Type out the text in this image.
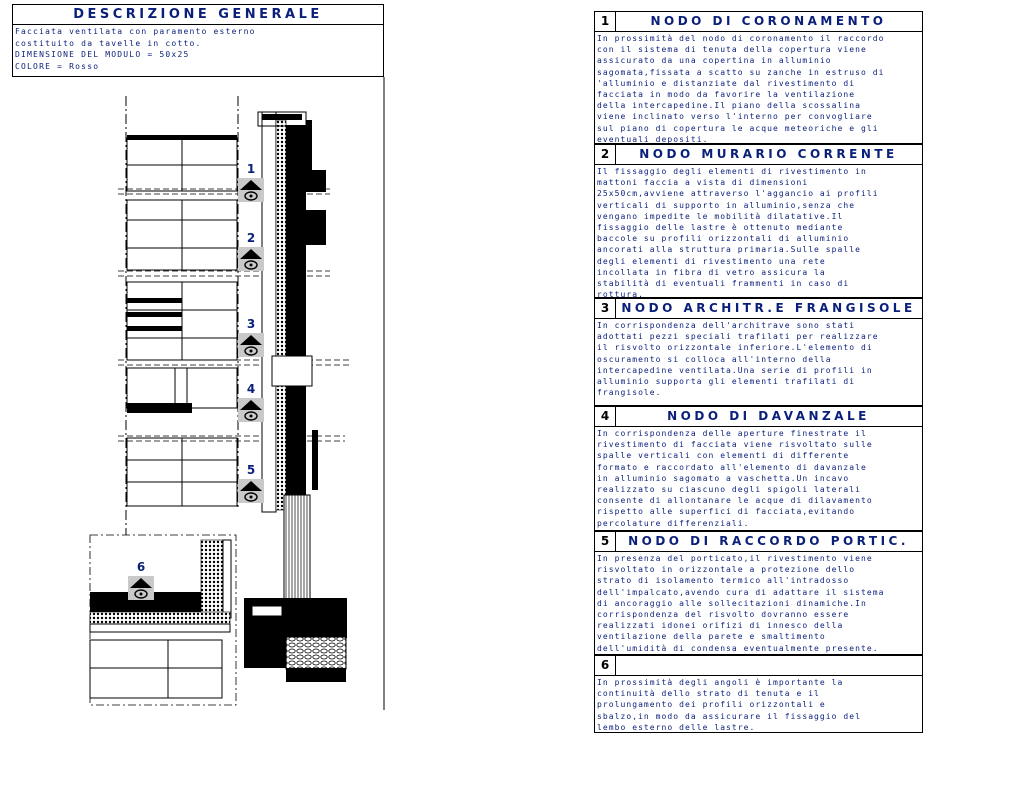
DESCRIZIONE GENERALE
Facciata ventilata con paramento esterno
costituito da tavelle in cotto.
DIMENSIONE DEL MODULO = 50x25
COLORE = Rosso
1
2
3
4
5
6
1	NODO DI CORONAMENTO
In prossimità del nodo di coronamento il raccordo
con il sistema di tenuta della copertura viene
assicurato da una copertina in alluminio
sagomata,fissata a scatto su zanche in estruso di
'alluminio e distanziate dal rivestimento di
facciata in modo da favorire la ventilazione
della intercapedine.Il piano della scossalina
viene inclinato verso l'interno per convogliare
sul piano di copertura le acque meteoriche e gli
eventuali depositi.
2	NODO MURARIO CORRENTE
Il fissaggio degli elementi di rivestimento in
mattoni faccia a vista di dimensioni
25x50cm,avviene attraverso l'aggancio ai profili
verticali di supporto in alluminio,senza che
vengano impedite le mobilità dilatative.Il
fissaggio delle lastre è ottenuto mediante
baccole su profili orizzontali di alluminio
ancorati alla struttura primaria.Sulle spalle
degli elementi di rivestimento una rete
incollata in fibra di vetro assicura la
stabilità di eventuali frammenti in caso di
rottura.
3	NODO ARCHITR.E FRANGISOLE
In corrispondenza dell'architrave sono stati
adottati pezzi speciali trafilati per realizzare
il risvolto orizzontale inferiore.L'elemento di
oscuramento si colloca all'interno della
intercapedine ventilata.Una serie di profili in
alluminio supporta gli elementi trafilati di
frangisole.
4	NODO DI DAVANZALE
In corrispondenza delle aperture finestrate il
rivestimento di facciata viene risvoltato sulle
spalle verticali con elementi di differente
formato e raccordato all'elemento di davanzale
in alluminio sagomato a vaschetta.Un incavo
realizzato su ciascuno degli spigoli laterali
consente di allontanare le acque di dilavamento
rispetto alle superfici di facciata,evitando
percolature differenziali.
5	NODO DI RACCORDO PORTIC.
In presenza del porticato,il rivestimento viene
risvoltato in orizzontale a protezione dello
strato di isolamento termico all'intradosso
dell'impalcato,avendo cura di adattare il sistema
di ancoraggio alle sollecitazioni dinamiche.In
corrispondenza del risvolto dovranno essere
realizzati idonei orifizi di innesco della
ventilazione della parete e smaltimento
dell'umidità di condensa eventualmente presente.
6
In prossimità degli angoli è importante la
continuità dello strato di tenuta e il
prolungamento dei profili orizzontali e
sbalzo,in modo da assicurare il fissaggio del
lembo esterno delle lastre.
